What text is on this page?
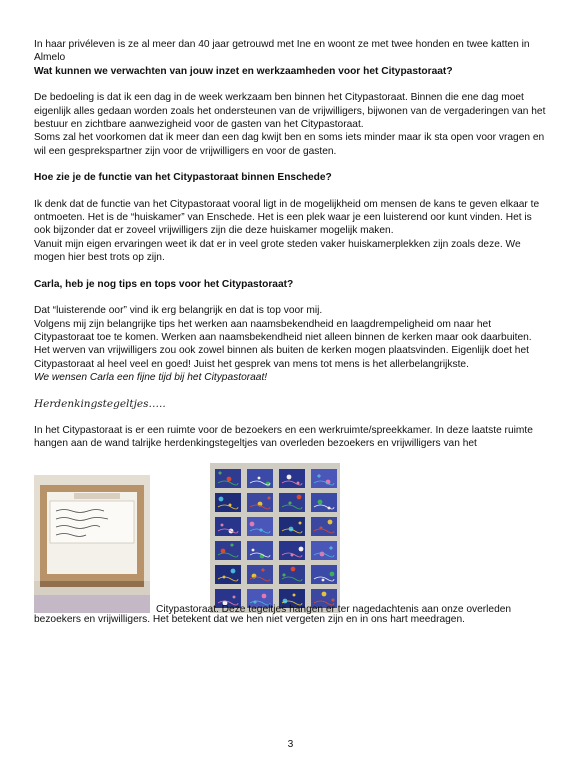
In haar privéleven is ze al meer dan 40 jaar getrouwd met Ine en woont ze met twee honden en twee katten in Almelo

Wat kunnen we verwachten van jouw inzet en werkzaamheden voor het Citypastoraat?

De bedoeling is dat ik een dag in de week werkzaam ben binnen het Citypastoraat. Binnen die ene dag moet eigenlijk alles gedaan worden zoals het ondersteunen van de vrijwilligers, bijwonen van de vergaderingen van het bestuur en zichtbare aanwezigheid voor de gasten van het Citypastoraat.

Soms zal het voorkomen dat ik meer dan een dag kwijt ben en soms iets minder maar ik sta open voor vragen en wil een gesprekspartner zijn voor de vrijwilligers en voor de gasten.

Hoe zie je de functie van het Citypastoraat binnen Enschede?

Ik denk dat de functie van het Citypastoraat vooral ligt in de mogelijkheid om mensen de kans te geven elkaar te ontmoeten. Het is de “huiskamer” van Enschede. Het is een plek waar je een luisterend oor kunt vinden. Het is ook bijzonder dat er zoveel vrijwilligers zijn die deze huiskamer mogelijk maken.

Vanuit mijn eigen ervaringen weet ik dat er in veel grote steden vaker huiskamerplekken zijn zoals deze. We mogen hier best trots op zijn.

Carla, heb je nog tips en tops voor het Citypastoraat?

Dat “luisterende oor” vind ik erg belangrijk en dat is top voor mij.

Volgens mij zijn belangrijke tips het werken aan naamsbekendheid en laagdrempeligheid om naar het Citypastoraat toe te komen. Werken aan naamsbekendheid niet alleen binnen de kerken maar ook daarbuiten. Het werven van vrijwilligers zou ook zowel binnen als buiten de kerken mogen plaatsvinden. Eigenlijk doet het Citypastoraat al heel veel en goed! Juist het gesprek van mens tot mens is het allerbelangrijkste.

We wensen Carla een fijne tijd bij het Citypastoraat!

Herdenkingstegeltjes…..

In het Citypastoraat is er een ruimte voor de bezoekers en een werkruimte/spreekkamer. In deze laatste ruimte hangen aan de wand talrijke herdenkingstegeltjes van overleden bezoekers en vrijwilligers van het

Citypastoraat. Deze tegeltjes hangen er ter nagedachtenis aan onze overleden

bezoekers en vrijwilligers. Het betekent dat we hen niet vergeten zijn en in ons hart meedragen.

3
